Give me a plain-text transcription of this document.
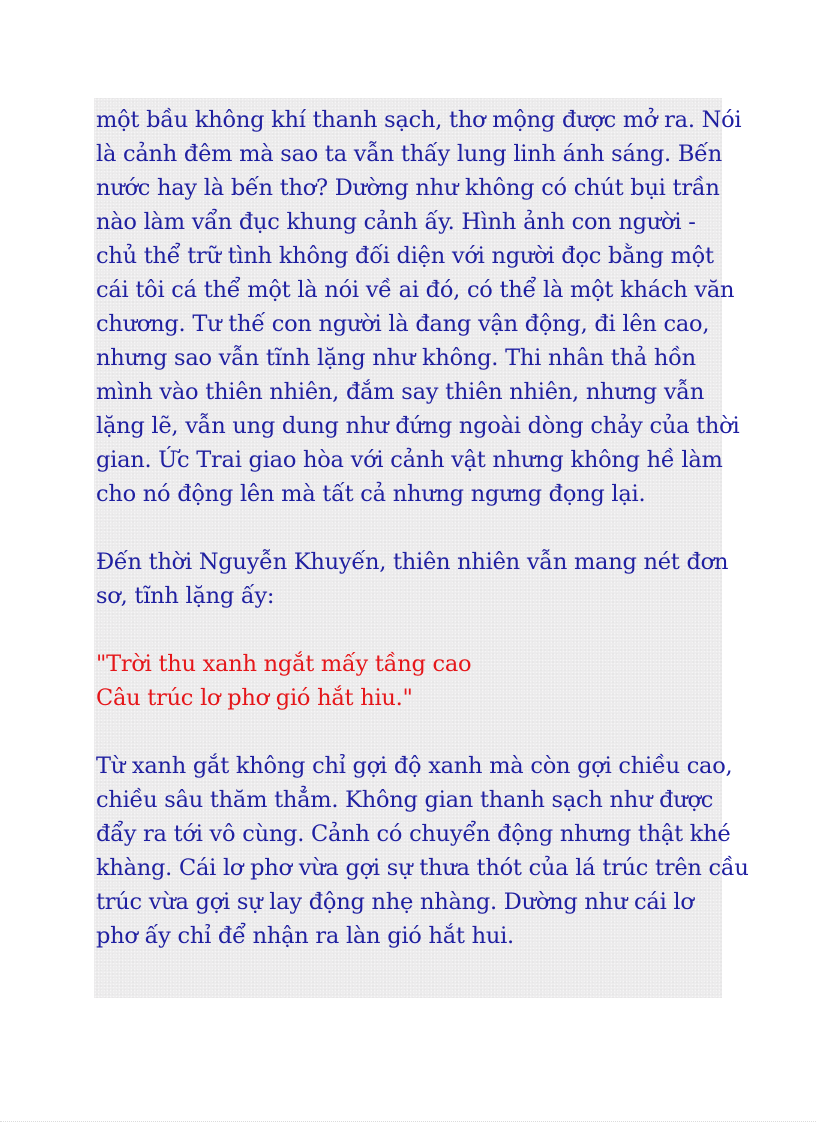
một bầu không khí thanh sạch, thơ mộng được mở ra. Nói
là cảnh đêm mà sao ta vẫn thấy lung linh ánh sáng. Bến
nước hay là bến thơ? Dường như không có chút bụi trần
nào làm vẩn đục khung cảnh ấy. Hình ảnh con người -
chủ thể trữ tình không đối diện với người đọc bằng một
cái tôi cá thể một là nói về ai đó, có thể là một khách văn
chương. Tư thế con người là đang vận động, đi lên cao,
nhưng sao vẫn tĩnh lặng như không. Thi nhân thả hồn
mình vào thiên nhiên, đắm say thiên nhiên, nhưng vẫn
lặng lẽ, vẫn ung dung như đứng ngoài dòng chảy của thời
gian. Ức Trai giao hòa với cảnh vật nhưng không hề làm
cho nó động lên mà tất cả nhưng ngưng đọng lại.
Đến thời Nguyễn Khuyến, thiên nhiên vẫn mang nét đơn
sơ, tĩnh lặng ấy:
"Trời thu xanh ngắt mấy tầng cao
Câu trúc lơ phơ gió hắt hiu."
Từ xanh gắt không chỉ gợi độ xanh mà còn gợi chiều cao,
chiều sâu thăm thẳm. Không gian thanh sạch như được
đẩy ra tới vô cùng. Cảnh có chuyển động nhưng thật khé
khàng. Cái lơ phơ vừa gợi sự thưa thót của lá trúc trên cầu
trúc vừa gợi sự lay động nhẹ nhàng. Dường như cái lơ
phơ ấy chỉ để nhận ra làn gió hắt hui.
